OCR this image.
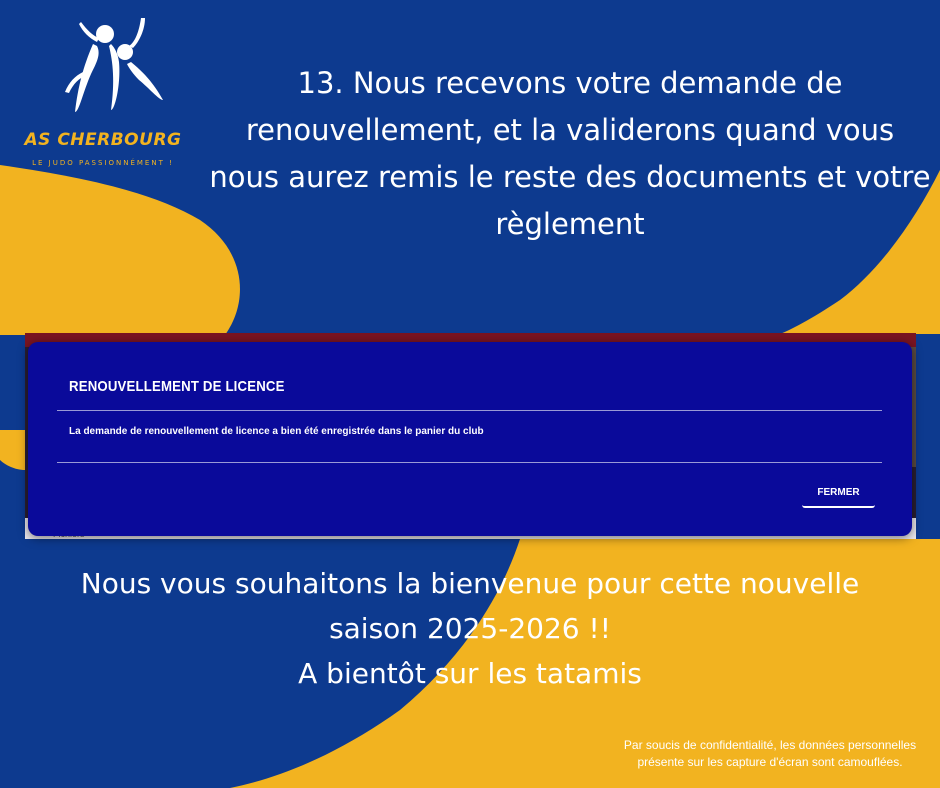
AS CHERBOURG
LE JUDO PASSIONNÉMENT !
13. Nous recevons votre demande de
renouvellement, et la validerons quand vous
nous aurez remis le reste des documents et votre
règlement
RENOUVELLEMENT DE LICENCE
La demande de renouvellement de licence a bien été enregistrée dans le panier du club
FERMER
Nous vous souhaitons la bienvenue pour cette nouvelle
saison 2025-2026 !!
A bientôt sur les tatamis
Par soucis de confidentialité, les données personnelles présente sur les capture d'écran sont camouflées.
